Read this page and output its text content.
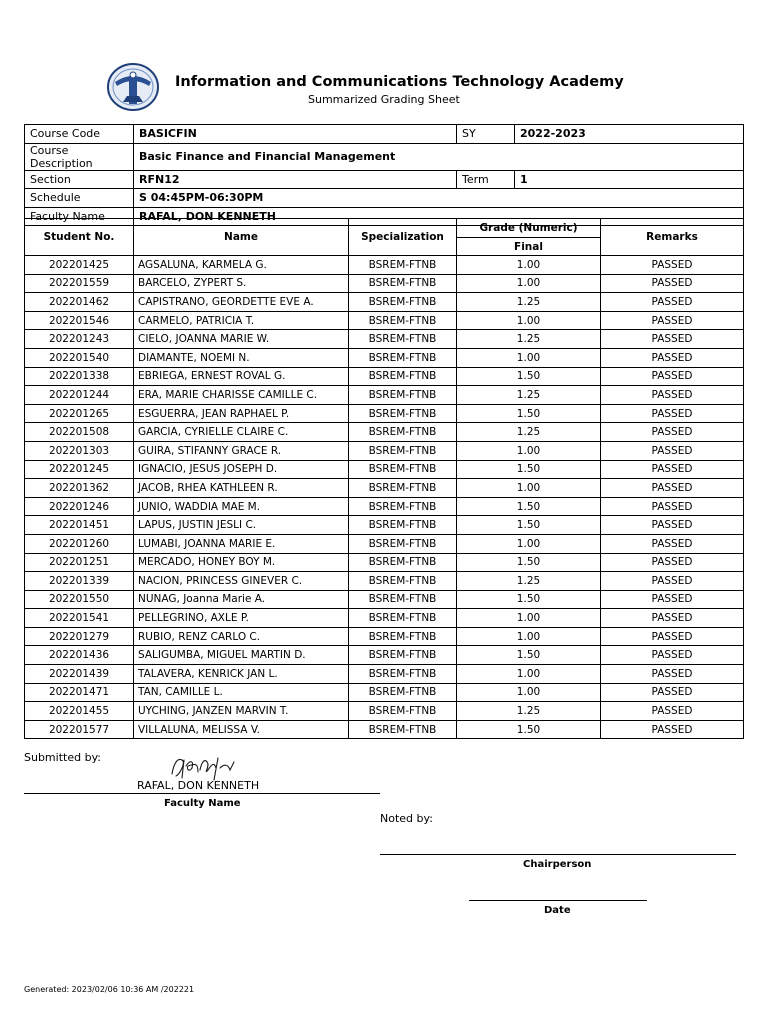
Information and Communications Technology Academy
Summarized Grading Sheet
Course Code	BASICFIN	SY	2022-2023
Course Description	Basic Finance and Financial Management		
Section	RFN12	Term	1
Schedule	S 04:45PM-06:30PM		
Faculty Name	RAFAL, DON KENNETH		
Student No.	Name	Specialization	Grade (Numeric)	Remarks
			Final	
202201425	AGSALUNA, KARMELA G.	BSREM-FTNB	1.00	PASSED
202201559	BARCELO, ZYPERT S.	BSREM-FTNB	1.00	PASSED
202201462	CAPISTRANO, GEORDETTE EVE A.	BSREM-FTNB	1.25	PASSED
202201546	CARMELO, PATRICIA T.	BSREM-FTNB	1.00	PASSED
202201243	CIELO, JOANNA MARIE W.	BSREM-FTNB	1.25	PASSED
202201540	DIAMANTE, NOEMI N.	BSREM-FTNB	1.00	PASSED
202201338	EBRIEGA, ERNEST ROVAL G.	BSREM-FTNB	1.50	PASSED
202201244	ERA, MARIE CHARISSE CAMILLE C.	BSREM-FTNB	1.25	PASSED
202201265	ESGUERRA, JEAN RAPHAEL P.	BSREM-FTNB	1.50	PASSED
202201508	GARCIA, CYRIELLE CLAIRE C.	BSREM-FTNB	1.25	PASSED
202201303	GUIRA, STIFANNY GRACE R.	BSREM-FTNB	1.00	PASSED
202201245	IGNACIO, JESUS JOSEPH D.	BSREM-FTNB	1.50	PASSED
202201362	JACOB, RHEA KATHLEEN R.	BSREM-FTNB	1.00	PASSED
202201246	JUNIO, WADDIA MAE M.	BSREM-FTNB	1.50	PASSED
202201451	LAPUS, JUSTIN JESLI C.	BSREM-FTNB	1.50	PASSED
202201260	LUMABI, JOANNA MARIE E.	BSREM-FTNB	1.00	PASSED
202201251	MERCADO, HONEY BOY M.	BSREM-FTNB	1.50	PASSED
202201339	NACION, PRINCESS GINEVER C.	BSREM-FTNB	1.25	PASSED
202201550	NUNAG, Joanna Marie A.	BSREM-FTNB	1.50	PASSED
202201541	PELLEGRINO, AXLE P.	BSREM-FTNB	1.00	PASSED
202201279	RUBIO, RENZ CARLO C.	BSREM-FTNB	1.00	PASSED
202201436	SALIGUMBA, MIGUEL MARTIN D.	BSREM-FTNB	1.50	PASSED
202201439	TALAVERA, KENRICK JAN L.	BSREM-FTNB	1.00	PASSED
202201471	TAN, CAMILLE L.	BSREM-FTNB	1.00	PASSED
202201455	UYCHING, JANZEN MARVIN T.	BSREM-FTNB	1.25	PASSED
202201577	VILLALUNA, MELISSA V.	BSREM-FTNB	1.50	PASSED
Submitted by:
RAFAL, DON KENNETH
Faculty Name
Noted by:
Chairperson
Date
Generated: 2023/02/06 10:36 AM /202221
